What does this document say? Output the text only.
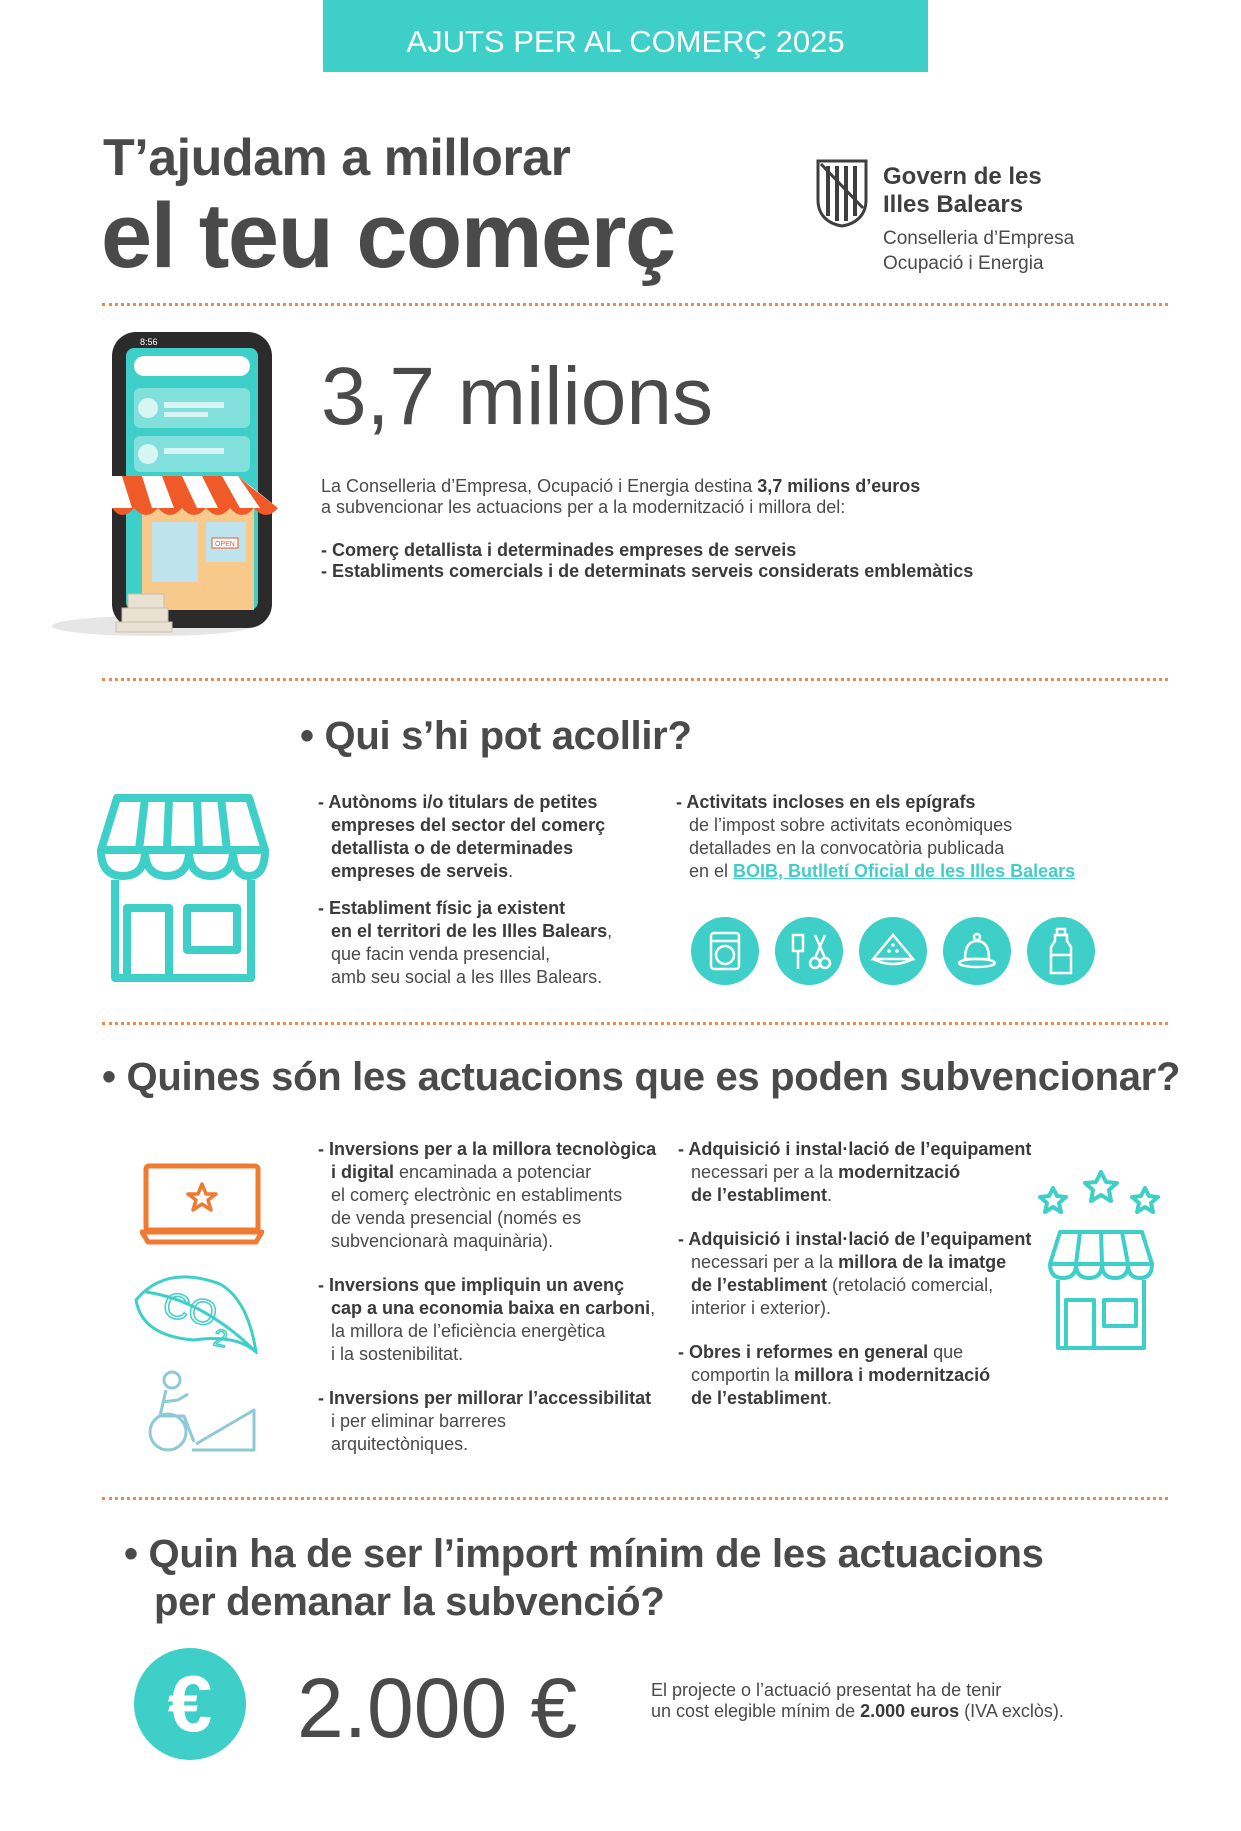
AJUTS PER AL COMERÇ 2025
T’ajudam a millorar
el teu comerç
Govern de les
Illes Balears
Conselleria d’Empresa
Ocupació i Energia
8:56
OPEN
3,7 milions
La Conselleria d’Empresa, Ocupació i Energia destina 3,7 milions d’euros
a subvencionar les actuacions per a la modernització i millora del:
- Comerç detallista i determinades empreses de serveis
- Establiments comercials i de determinats serveis considerats emblemàtics
• Qui s’hi pot acollir?
- Autònoms i/o titulars de petites
empreses del sector del comerç
detallista o de determinades
empreses de serveis.
- Establiment físic ja existent
en el territori de les Illes Balears,
que facin venda presencial,
amb seu social a les Illes Balears.
- Activitats incloses en els epígrafs
de l’impost sobre activitats econòmiques
detallades en la convocatòria publicada
en el BOIB, Butlletí Oficial de les Illes Balears
• Quines són les actuacions que es poden subvencionar?
CO
2
- Inversions per a la millora tecnològica
i digital encaminada a potenciar
el comerç electrònic en establiments
de venda presencial (només es
subvencionarà maquinària).
- Inversions que impliquin un avenç
cap a una economia baixa en carboni,
la millora de l’eficiència energètica
i la sostenibilitat.
- Inversions per millorar l’accessibilitat
i per eliminar barreres
arquitectòniques.
- Adquisició i instal·lació de l’equipament
necessari per a la modernització
de l’establiment.
- Adquisició i instal·lació de l’equipament
necessari per a la millora de la imatge
de l’establiment (retolació comercial,
interior i exterior).
- Obres i reformes en general que
comportin la millora i modernització
de l’establiment.
• Quin ha de ser l’import mínim de les actuacions
per demanar la subvenció?
€	2.000 €	El projecte o l’actuació presentat ha de tenir
un cost elegible mínim de 2.000 euros (IVA exclòs).
